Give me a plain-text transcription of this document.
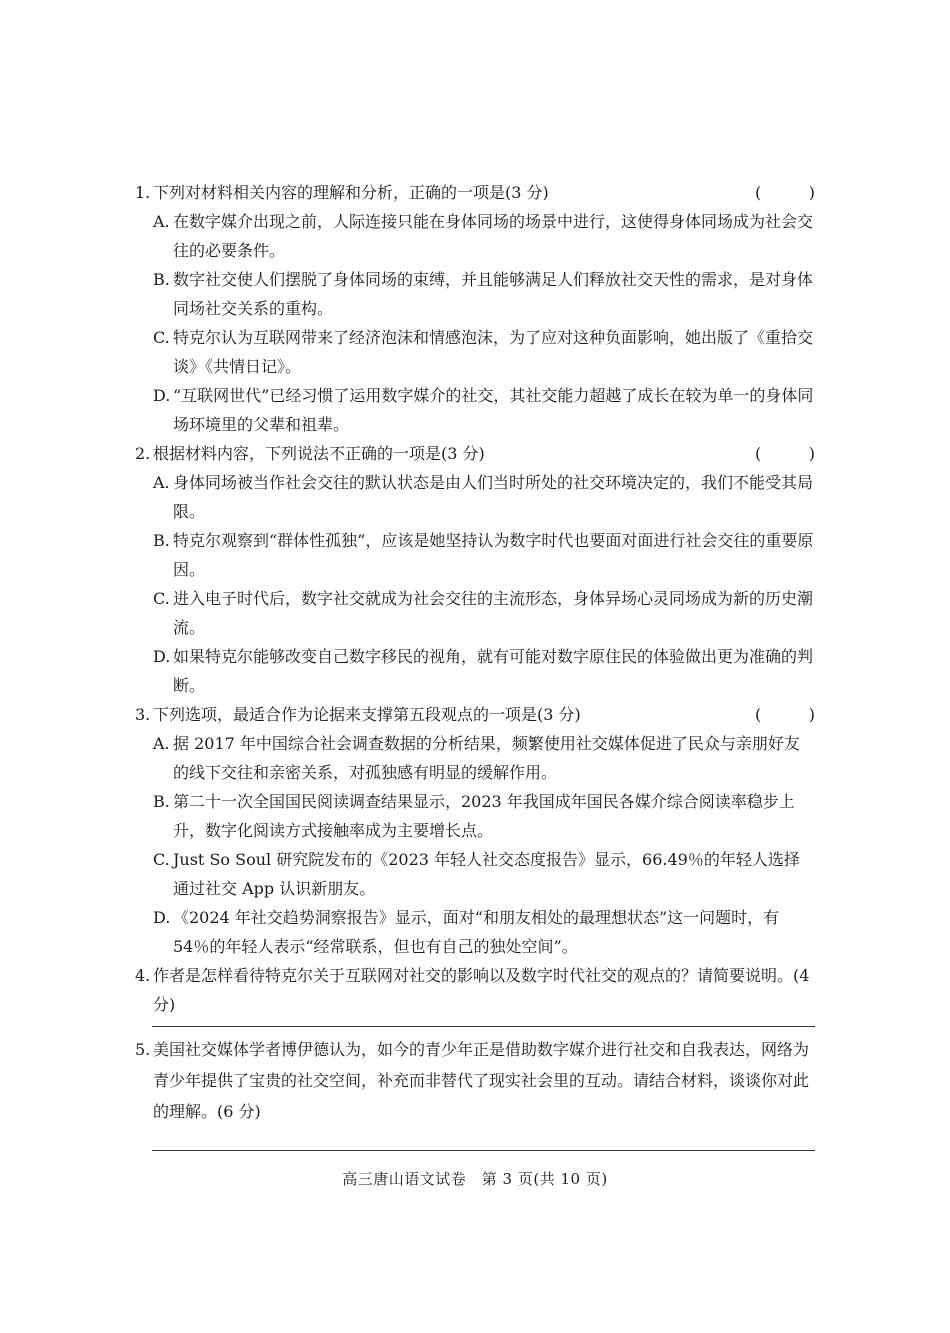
1. 下列对材料相关内容的理解和分析，正确的一项是(3 分)	(	)
A. 在数字媒介出现之前，人际连接只能在身体同场的场景中进行，这使得身体同场成为社会交往的必要条件。
B. 数字社交使人们摆脱了身体同场的束缚，并且能够满足人们释放社交天性的需求，是对身体同场社交关系的重构。
C. 特克尔认为互联网带来了经济泡沫和情感泡沫，为了应对这种负面影响，她出版了《重拾交谈》《共情日记》。
D. “互联网世代”已经习惯了运用数字媒介的社交，其社交能力超越了成长在较为单一的身体同场环境里的父辈和祖辈。
2. 根据材料内容，下列说法不正确的一项是(3 分)	(	)
A. 身体同场被当作社会交往的默认状态是由人们当时所处的社交环境决定的，我们不能受其局限。
B. 特克尔观察到“群体性孤独”，应该是她坚持认为数字时代也要面对面进行社会交往的重要原因。
C. 进入电子时代后，数字社交就成为社会交往的主流形态，身体异场心灵同场成为新的历史潮流。
D. 如果特克尔能够改变自己数字移民的视角，就有可能对数字原住民的体验做出更为准确的判断。
3. 下列选项，最适合作为论据来支撑第五段观点的一项是(3 分)	(	)
A. 据 2017 年中国综合社会调查数据的分析结果，频繁使用社交媒体促进了民众与亲朋好友的线下交往和亲密关系，对孤独感有明显的缓解作用。
B. 第二十一次全国国民阅读调查结果显示，2023 年我国成年国民各媒介综合阅读率稳步上升，数字化阅读方式接触率成为主要增长点。
C. Just So Soul 研究院发布的《2023 年轻人社交态度报告》显示，66.49％的年轻人选择通过社交 App 认识新朋友。
D. 《2024 年社交趋势洞察报告》显示，面对“和朋友相处的最理想状态”这一问题时，有 54％的年轻人表示“经常联系，但也有自己的独处空间”。
4. 作者是怎样看待特克尔关于互联网对社交的影响以及数字时代社交的观点的？请简要说明。(4 分)
5. 美国社交媒体学者博伊德认为，如今的青少年正是借助数字媒介进行社交和自我表达，网络为青少年提供了宝贵的社交空间，补充而非替代了现实社会里的互动。请结合材料，谈谈你对此的理解。(6 分)
高三唐山语文试卷　第 3 页(共 10 页)
